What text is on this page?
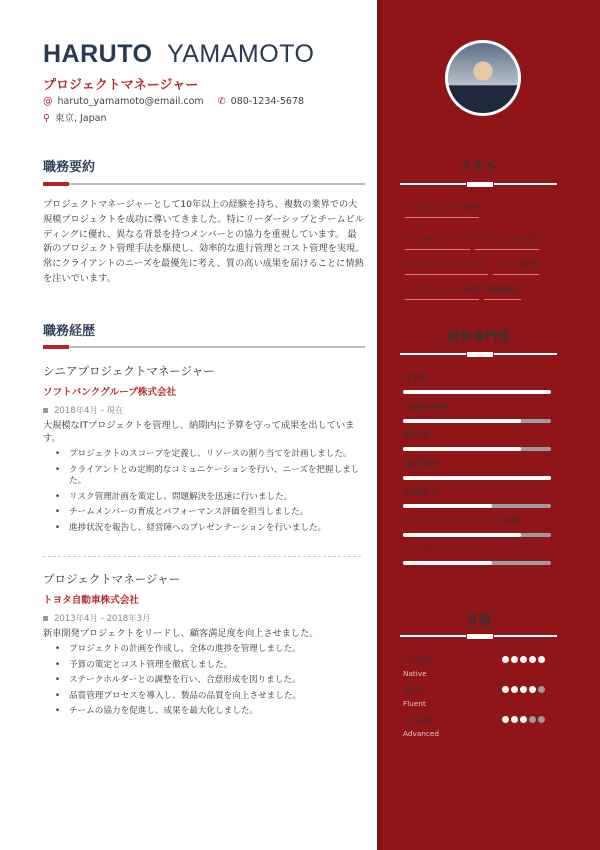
HARUTO YAMAMOTO
プロジェクトマネージャー
@ haruto_yamamoto@email.com ✆ 080-1234-5678
⚲ 東京, Japan
職務要約
プロジェクトマネージャーとして10年以上の経験を持ち、複数の業界での大規模プロジェクトを成功に導いてきました。特にリーダーシップとチームビルディングに優れ、異なる背景を持つメンバーとの協力を重視しています。 最新のプロジェクト管理手法を駆使し、効率的な進行管理とコスト管理を実現。常にクライアントのニーズを最優先に考え、質の高い成果を届けることに情熱を注いでいます。
職務経歴
シニアプロジェクトマネージャー
ソフトバンクグループ株式会社
2018年4月 - 現在
大規模なITプロジェクトを管理し、納期内に予算を守って成果を出しています。
• プロジェクトのスコープを定義し、リソースの割り当てを計画しました。
• クライアントとの定期的なコミュニケーションを行い、ニーズを把握しました。
• リスク管理計画を策定し、問題解決を迅速に行いました。
• チームメンバーの育成とパフォーマンス評価を担当しました。
• 進捗状況を報告し、経営陣へのプレゼンテーションを行いました。
プロジェクトマネージャー
トヨタ自動車株式会社
2013年4月 - 2018年3月
新車開発プロジェクトをリードし、顧客満足度を向上させました。
• プロジェクトの計画を作成し、全体の進捗を管理しました。
• 予算の策定とコスト管理を徹底しました。
• ステークホルダーとの調整を行い、合意形成を図りました。
• 品質管理プロセスを導入し、製品の品質を向上させました。
• チームの協力を促進し、成果を最大化しました。
スキル
プロジェクト管理
リーダーシップ アジャイル手法
コミュニケーション リスク管理
スケジュール管理 問題解決
業界専門性
IT業界
自動車業界
製造業
通信業界
金融業界
アジャイルプロジェクト管理
コンサルティング
言語
日本語
Native
英語
Fluent
中国語
Advanced
